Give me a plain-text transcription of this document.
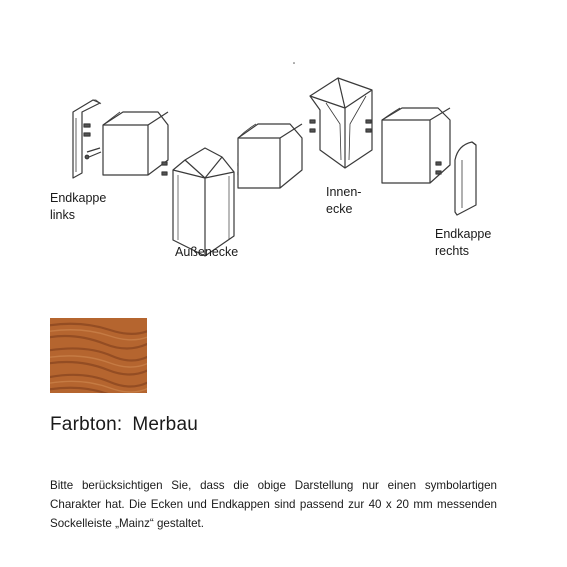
Endkappe
links
Außenecke
Innen-
ecke
Endkappe
rechts
Farbton: Merbau
Bitte berücksichtigen Sie, dass die obige Darstellung nur einen symbolartigen Charakter hat. Die Ecken und Endkappen sind passend zur 40 x 20 mm messenden Sockelleiste „Mainz“ gestaltet.
